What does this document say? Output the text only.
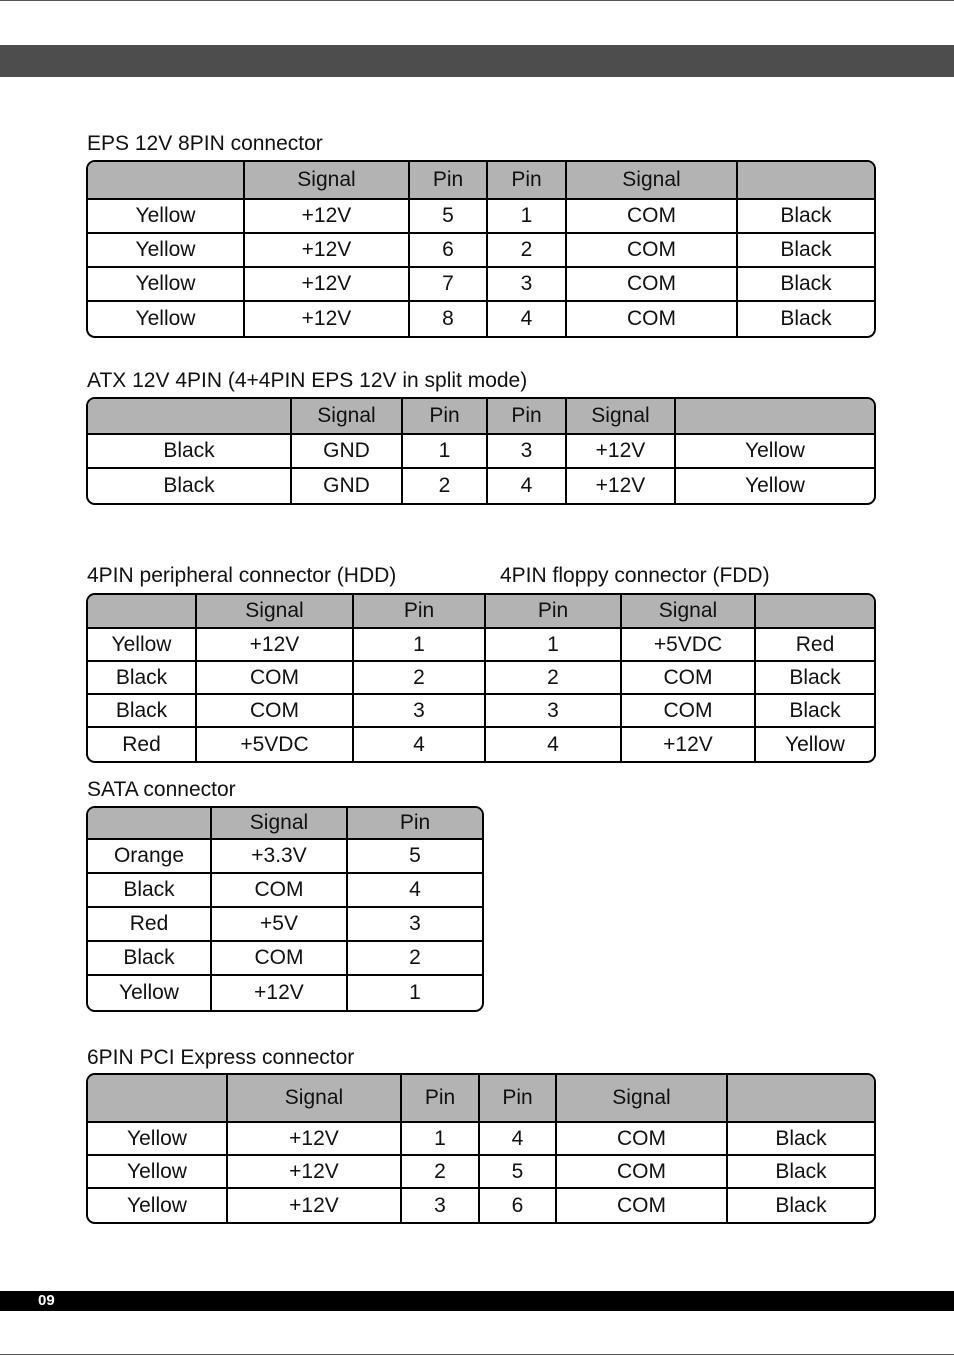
EPS 12V 8PIN connector
	Signal	Pin	Pin	Signal	
Yellow	+12V	5	1	COM	Black
Yellow	+12V	6	2	COM	Black
Yellow	+12V	7	3	COM	Black
Yellow	+12V	8	4	COM	Black
ATX 12V 4PIN (4+4PIN EPS 12V in split mode)
	Signal	Pin	Pin	Signal	
Black	GND	1	3	+12V	Yellow
Black	GND	2	4	+12V	Yellow
4PIN peripheral connector (HDD)	4PIN floppy connector (FDD)
	Signal	Pin	Pin	Signal	
Yellow	+12V	1	1	+5VDC	Red
Black	COM	2	2	COM	Black
Black	COM	3	3	COM	Black
Red	+5VDC	4	4	+12V	Yellow
SATA connector
	Signal	Pin
Orange	+3.3V	5
Black	COM	4
Red	+5V	3
Black	COM	2
Yellow	+12V	1
6PIN PCI Express connector
	Signal	Pin	Pin	Signal	
Yellow	+12V	1	4	COM	Black
Yellow	+12V	2	5	COM	Black
Yellow	+12V	3	6	COM	Black
09
